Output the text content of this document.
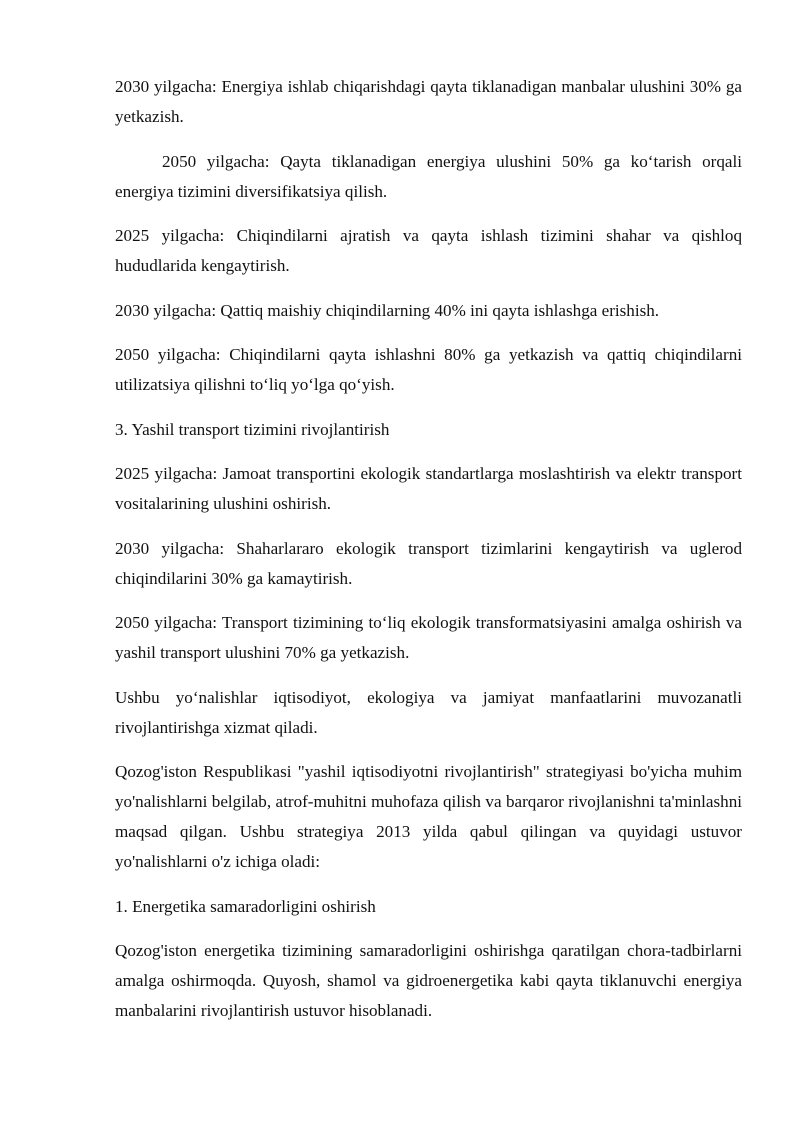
2030 yilgacha: Energiya ishlab chiqarishdagi qayta tiklanadigan manbalar ulushini 30% ga yetkazish.

2050 yilgacha: Qayta tiklanadigan energiya ulushini 50% ga ko‘tarish orqali energiya tizimini diversifikatsiya qilish.

2025 yilgacha: Chiqindilarni ajratish va qayta ishlash tizimini shahar va qishloq hududlarida kengaytirish.

2030 yilgacha: Qattiq maishiy chiqindilarning 40% ini qayta ishlashga erishish.

2050 yilgacha: Chiqindilarni qayta ishlashni 80% ga yetkazish va qattiq chiqindilarni utilizatsiya qilishni to‘liq yo‘lga qo‘yish.

3. Yashil transport tizimini rivojlantirish

2025 yilgacha: Jamoat transportini ekologik standartlarga moslashtirish va elektr transport vositalarining ulushini oshirish.

2030 yilgacha: Shaharlararo ekologik transport tizimlarini kengaytirish va uglerod chiqindilarini 30% ga kamaytirish.

2050 yilgacha: Transport tizimining to‘liq ekologik transformatsiyasini amalga oshirish va yashil transport ulushini 70% ga yetkazish.

Ushbu yo‘nalishlar iqtisodiyot, ekologiya va jamiyat manfaatlarini muvozanatli rivojlantirishga xizmat qiladi.

Qozog'iston Respublikasi "yashil iqtisodiyotni rivojlantirish" strategiyasi bo'yicha muhim yo'nalishlarni belgilab, atrof-muhitni muhofaza qilish va barqaror rivojlanishni ta'minlashni maqsad qilgan. Ushbu strategiya 2013 yilda qabul qilingan va quyidagi ustuvor yo'nalishlarni o'z ichiga oladi:

1. Energetika samaradorligini oshirish

Qozog'iston energetika tizimining samaradorligini oshirishga qaratilgan chora-tadbirlarni amalga oshirmoqda. Quyosh, shamol va gidroenergetika kabi qayta tiklanuvchi energiya manbalarini rivojlantirish ustuvor hisoblanadi.
